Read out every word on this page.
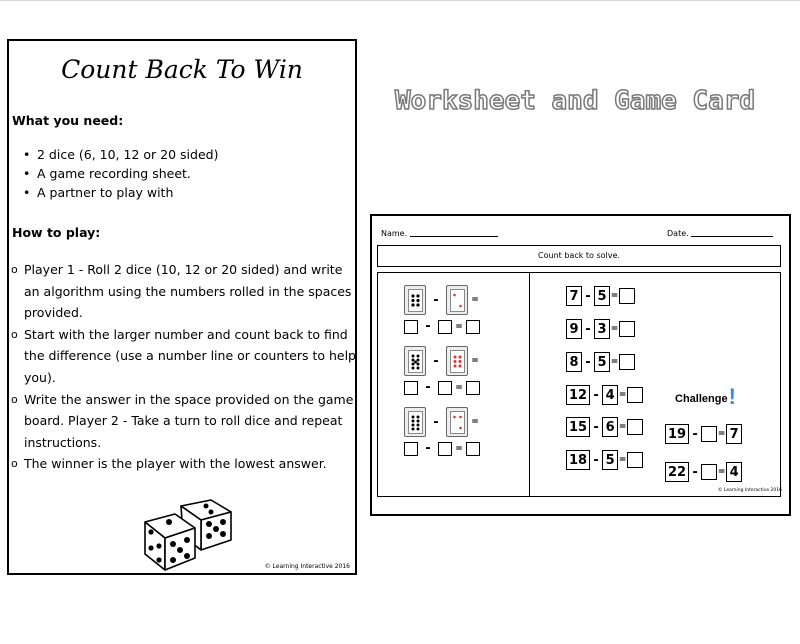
Count Back To Win
What you need:
• 2 dice (6, 10, 12 or 20 sided)
• A game recording sheet.
• A partner to play with
How to play:
o Player 1 - Roll 2 dice (10, 12 or 20 sided) and write an algorithm using the numbers rolled in the spaces provided.
o Start with the larger number and count back to find the difference (use a number line or counters to help you).
o Write the answer in the space provided on the game board. Player 2 - Take a turn to roll dice and repeat instructions.
o The winner is the player with the lowest answer.
© Learning Interactive 2016
Worksheet and Game Card
Name.	Date.
Count back to solve.
-	=
-	=
-	=
-	=
-	=
-	=
7 - 5 =
9 - 3 =
8 - 5 =
12 - 4 =
15 - 6 =
18 - 5 =
Challenge!
19 -	= 7
22 -	= 4
© Learning Interactive 2016
